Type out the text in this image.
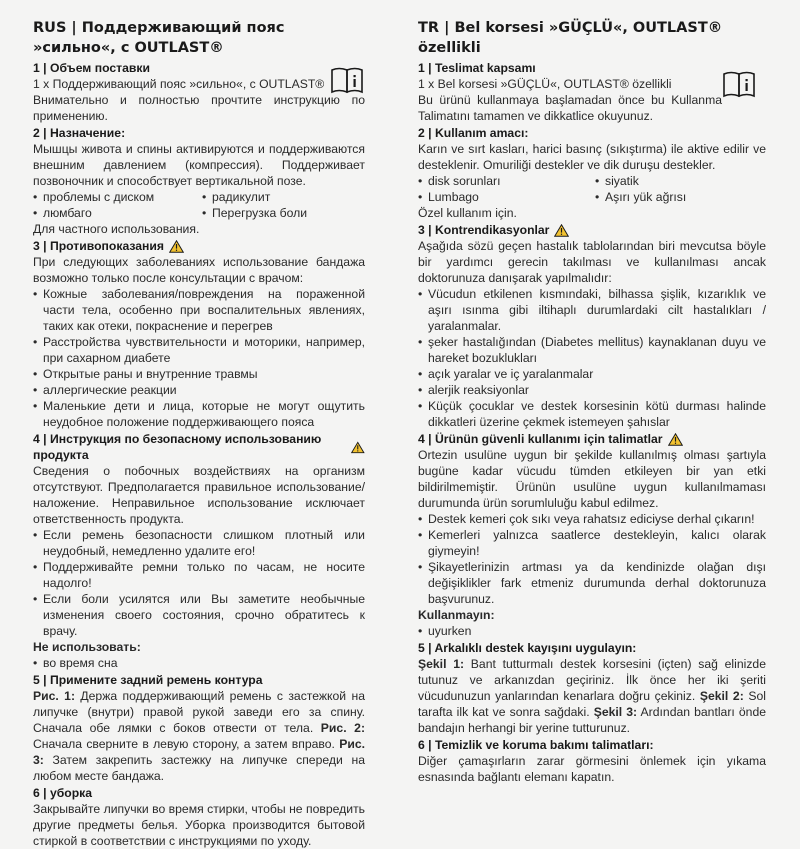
RUS | Поддерживающий пояс »сильно«, с OUTLAST®
1 | Объем поставки
1 x Поддерживающий пояс »сильно«, с OUTLAST®
Внимательно и полностью прочтите инструкцию по применению.
2 | Назначение:
Мышцы живота и спины активируются и поддерживаются внешним давлением (компрессия). Поддерживает позвоночник и способствует вертикальной позе.
• проблемы с диском	• радикулит
• люмбаго	• Перегрузка боли
Для частного использования.
3 | Противопоказания
При следующих заболеваниях использование бандажа возможно только после консультации с врачом:
• Кожные заболевания/повреждения на пораженной части тела, особенно при воспалительных явлениях, таких как отеки, покраснение и перегрев
• Расстройства чувствительности и моторики, например, при сахарном диабете
• Открытые раны и внутренние травмы
• аллергические реакции
• Маленькие дети и лица, которые не могут ощутить неудобное положение поддерживающего пояса
4 | Инструкция по безопасному использованию продукта
Сведения о побочных воздействиях на организм отсутствуют. Предполагается правильное использование/наложение. Неправильное использование исключает ответственность продукта.
• Если ремень безопасности слишком плотный или неудобный, немедленно удалите его!
• Поддерживайте ремни только по часам, не носите надолго!
• Если боли усилятся или Вы заметите необычные изменения своего состояния, срочно обратитесь к врачу.
Не использовать:
• во время сна
5 | Примените задний ремень контура
Рис. 1: Держа поддерживающий ремень с застежкой на липучке (внутри) правой рукой заведи его за спину. Сначала обе лямки с боков отвести от тела. Рис. 2: Сначала сверните в левую сторону, а затем вправо. Рис. 3: Затем закрепить застежку на липучке спереди на любом месте бандажа.
6 | уборка
Закрывайте липучки во время стирки, чтобы не повредить другие предметы белья. Уборка производится бытовой стиркой в соответствии с инструкциями по уходу.
TR | Bel korsesi »GÜÇLÜ«, OUTLAST® özellikli
1 | Teslimat kapsamı
1 x Bel korsesi »GÜÇLÜ«, OUTLAST® özellikli
Bu ürünü kullanmaya başlamadan önce bu Kullanma Talimatını tamamen ve dikkatlice okuyunuz.
2 | Kullanım amacı:
Karın ve sırt kasları, harici basınç (sıkıştırma) ile aktive edilir ve desteklenir. Omuriliği destekler ve dik duruşu destekler.
• disk sorunları	• siyatik
• Lumbago	• Aşırı yük ağrısı
Özel kullanım için.
3 | Kontrendikasyonlar
Aşağıda sözü geçen hastalık tablolarından biri mevcutsa böyle bir yardımcı gerecin takılması ve kullanılması ancak doktorunuza danışarak yapılmalıdır:
• Vücudun etkilenen kısmındaki, bilhassa şişlik, kızarıklık ve aşırı ısınma gibi iltihaplı durumlardaki cilt hastalıkları / yaralanmalar.
• şeker hastalığından (Diabetes mellitus) kaynaklanan duyu ve hareket bozuklukları
• açık yaralar ve iç yaralanmalar
• alerjik reaksiyonlar
• Küçük çocuklar ve destek korsesinin kötü durması halinde dikkatleri üzerine çekmek istemeyen şahıslar
4 | Ürünün güvenli kullanımı için talimatlar
Ortezin usulüne uygun bir şekilde kullanılmış olması şartıyla bugüne kadar vücudu tümden etkileyen bir yan etki bildirilmemiştir. Ürünün usulüne uygun kullanılmaması durumunda ürün sorumluluğu kabul edilmez.
• Destek kemeri çok sıkı veya rahatsız ediciyse derhal çıkarın!
• Kemerleri yalnızca saatlerce destekleyin, kalıcı olarak giymeyin!
• Şikayetlerinizin artması ya da kendinizde olağan dışı değişiklikler fark etmeniz durumunda derhal doktorunuza başvurunuz.
Kullanmayın:
• uyurken
5 | Arkalıklı destek kayışını uygulayın:
Şekil 1: Bant tutturmalı destek korsesini (içten) sağ elinizde tutunuz ve arkanızdan geçiriniz. İlk önce her iki şeriti vücudunuzun yanlarından kenarlara doğru çekiniz. Şekil 2: Sol tarafta ilk kat ve sonra sağdaki. Şekil 3: Ardından bantları önde bandajın herhangi bir yerine tutturunuz.
6 | Temizlik ve koruma bakımı talimatları:
Diğer çamaşırların zarar görmesini önlemek için yıkama esnasında bağlantı elemanı kapatın.
